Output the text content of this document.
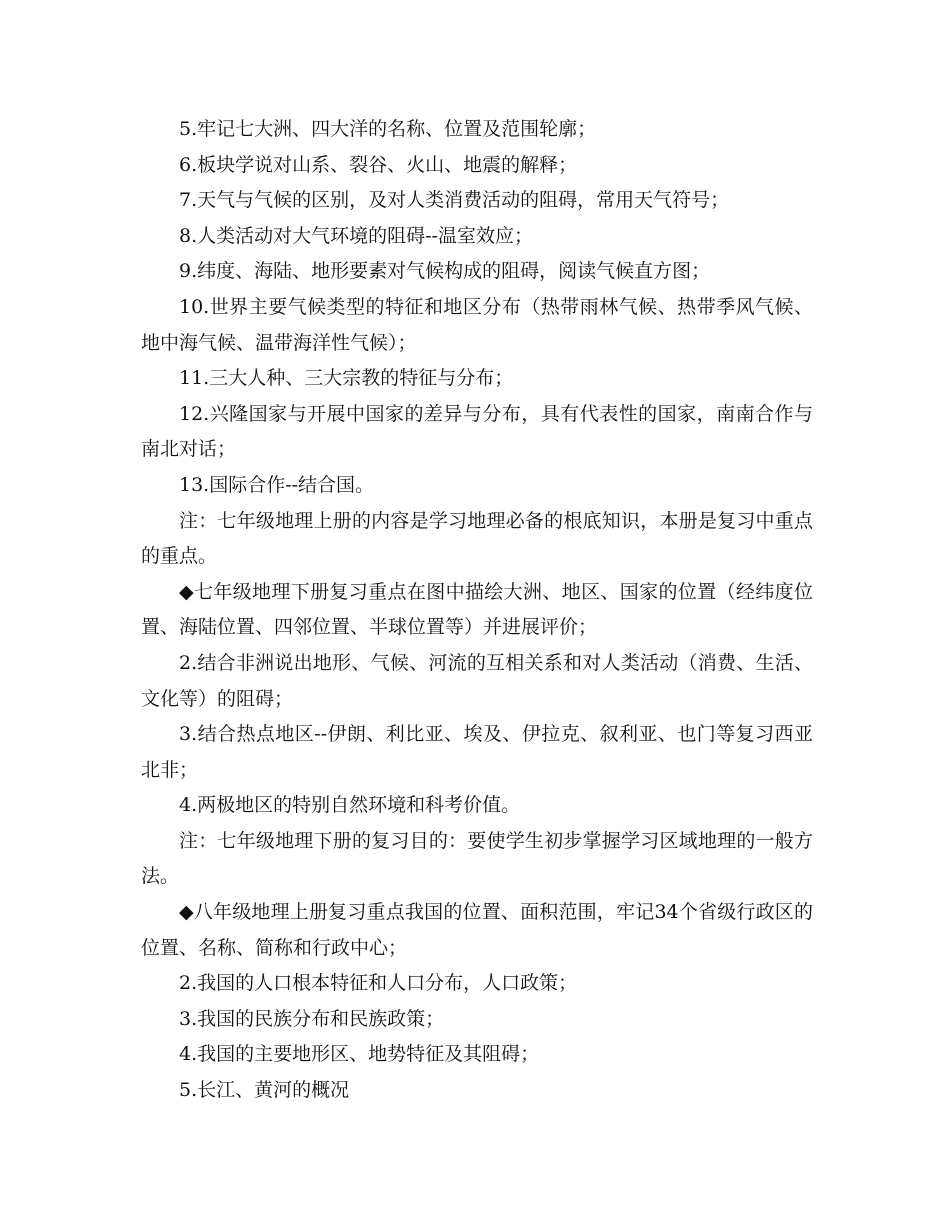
5.牢记七大洲、四大洋的名称、位置及范围轮廓；

6.板块学说对山系、裂谷、火山、地震的解释；

7.天气与气候的区别，及对人类消费活动的阻碍，常用天气符号；

8.人类活动对大气环境的阻碍--温室效应；

9.纬度、海陆、地形要素对气候构成的阻碍，阅读气候直方图；

10.世界主要气候类型的特征和地区分布（热带雨林气候、热带季风气候、地中海气候、温带海洋性气候）；

11.三大人种、三大宗教的特征与分布；

12.兴隆国家与开展中国家的差异与分布，具有代表性的国家，南南合作与南北对话；

13.国际合作--结合国。

注：七年级地理上册的内容是学习地理必备的根底知识，本册是复习中重点的重点。

◆七年级地理下册复习重点在图中描绘大洲、地区、国家的位置（经纬度位置、海陆位置、四邻位置、半球位置等）并进展评价；

2.结合非洲说出地形、气候、河流的互相关系和对人类活动（消费、生活、文化等）的阻碍；

3.结合热点地区--伊朗、利比亚、埃及、伊拉克、叙利亚、也门等复习西亚北非；

4.两极地区的特别自然环境和科考价值。

注：七年级地理下册的复习目的：要使学生初步掌握学习区域地理的一般方法。

◆八年级地理上册复习重点我国的位置、面积范围，牢记34个省级行政区的位置、名称、简称和行政中心；

2.我国的人口根本特征和人口分布，人口政策；

3.我国的民族分布和民族政策；

4.我国的主要地形区、地势特征及其阻碍；

5.长江、黄河的概况
